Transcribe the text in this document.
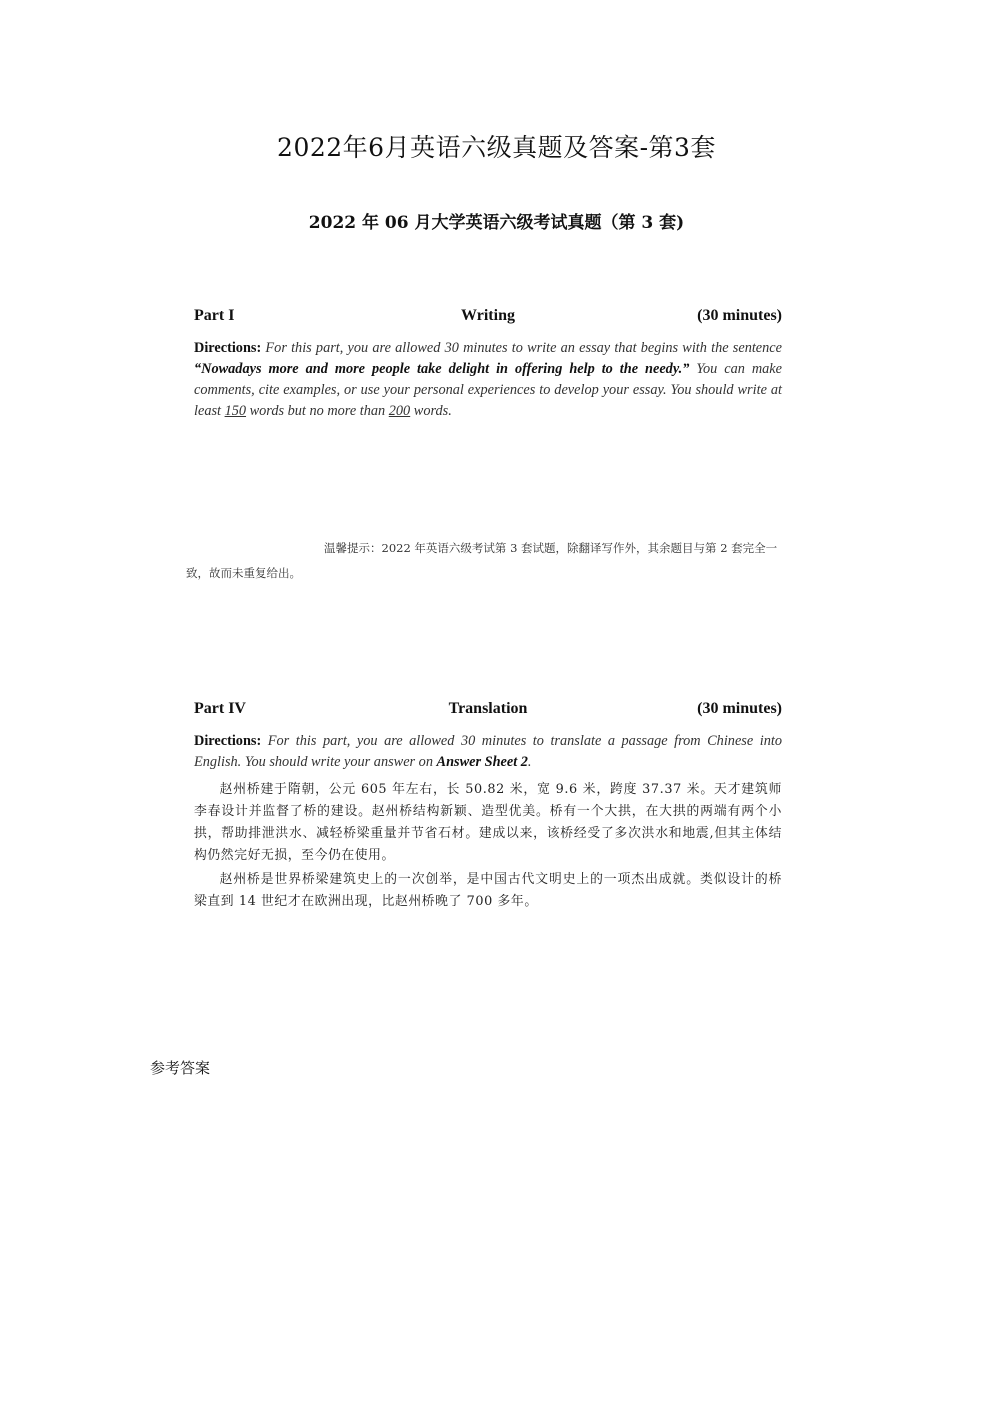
2022年6月英语六级真题及答案-第3套
2022 年 06 月大学英语六级考试真题（第 3 套)
Writing
Part I	(30 minutes)
Directions: For this part, you are allowed 30 minutes to write an essay that begins with the sentence “Nowadays more and more people take delight in offering help to the needy.” You can make comments, cite examples, or use your personal experiences to develop your essay. You should write at least 150 words but no more than 200 words.
温馨提示：2022 年英语六级考试第 3 套试题，除翻译写作外，其余题目与第 2 套完全一致，故而未重复给出。
Translation
Part IV	(30 minutes)
Directions: For this part, you are allowed 30 minutes to translate a passage from Chinese into English. You should write your answer on Answer Sheet 2.
赵州桥建于隋朝，公元 605 年左右，长 50.82 米，宽 9.6 米，跨度 37.37 米。天才建筑师李春设计并监督了桥的建设。赵州桥结构新颖、造型优美。桥有一个大拱，在大拱的两端有两个小拱，帮助排泄洪水、减轻桥梁重量并节省石材。建成以来，该桥经受了多次洪水和地震,但其主体结构仍然完好无损，至今仍在使用。
赵州桥是世界桥梁建筑史上的一次创举，是中国古代文明史上的一项杰出成就。类似设计的桥梁直到 14 世纪才在欧洲出现，比赵州桥晚了 700 多年。
参考答案
